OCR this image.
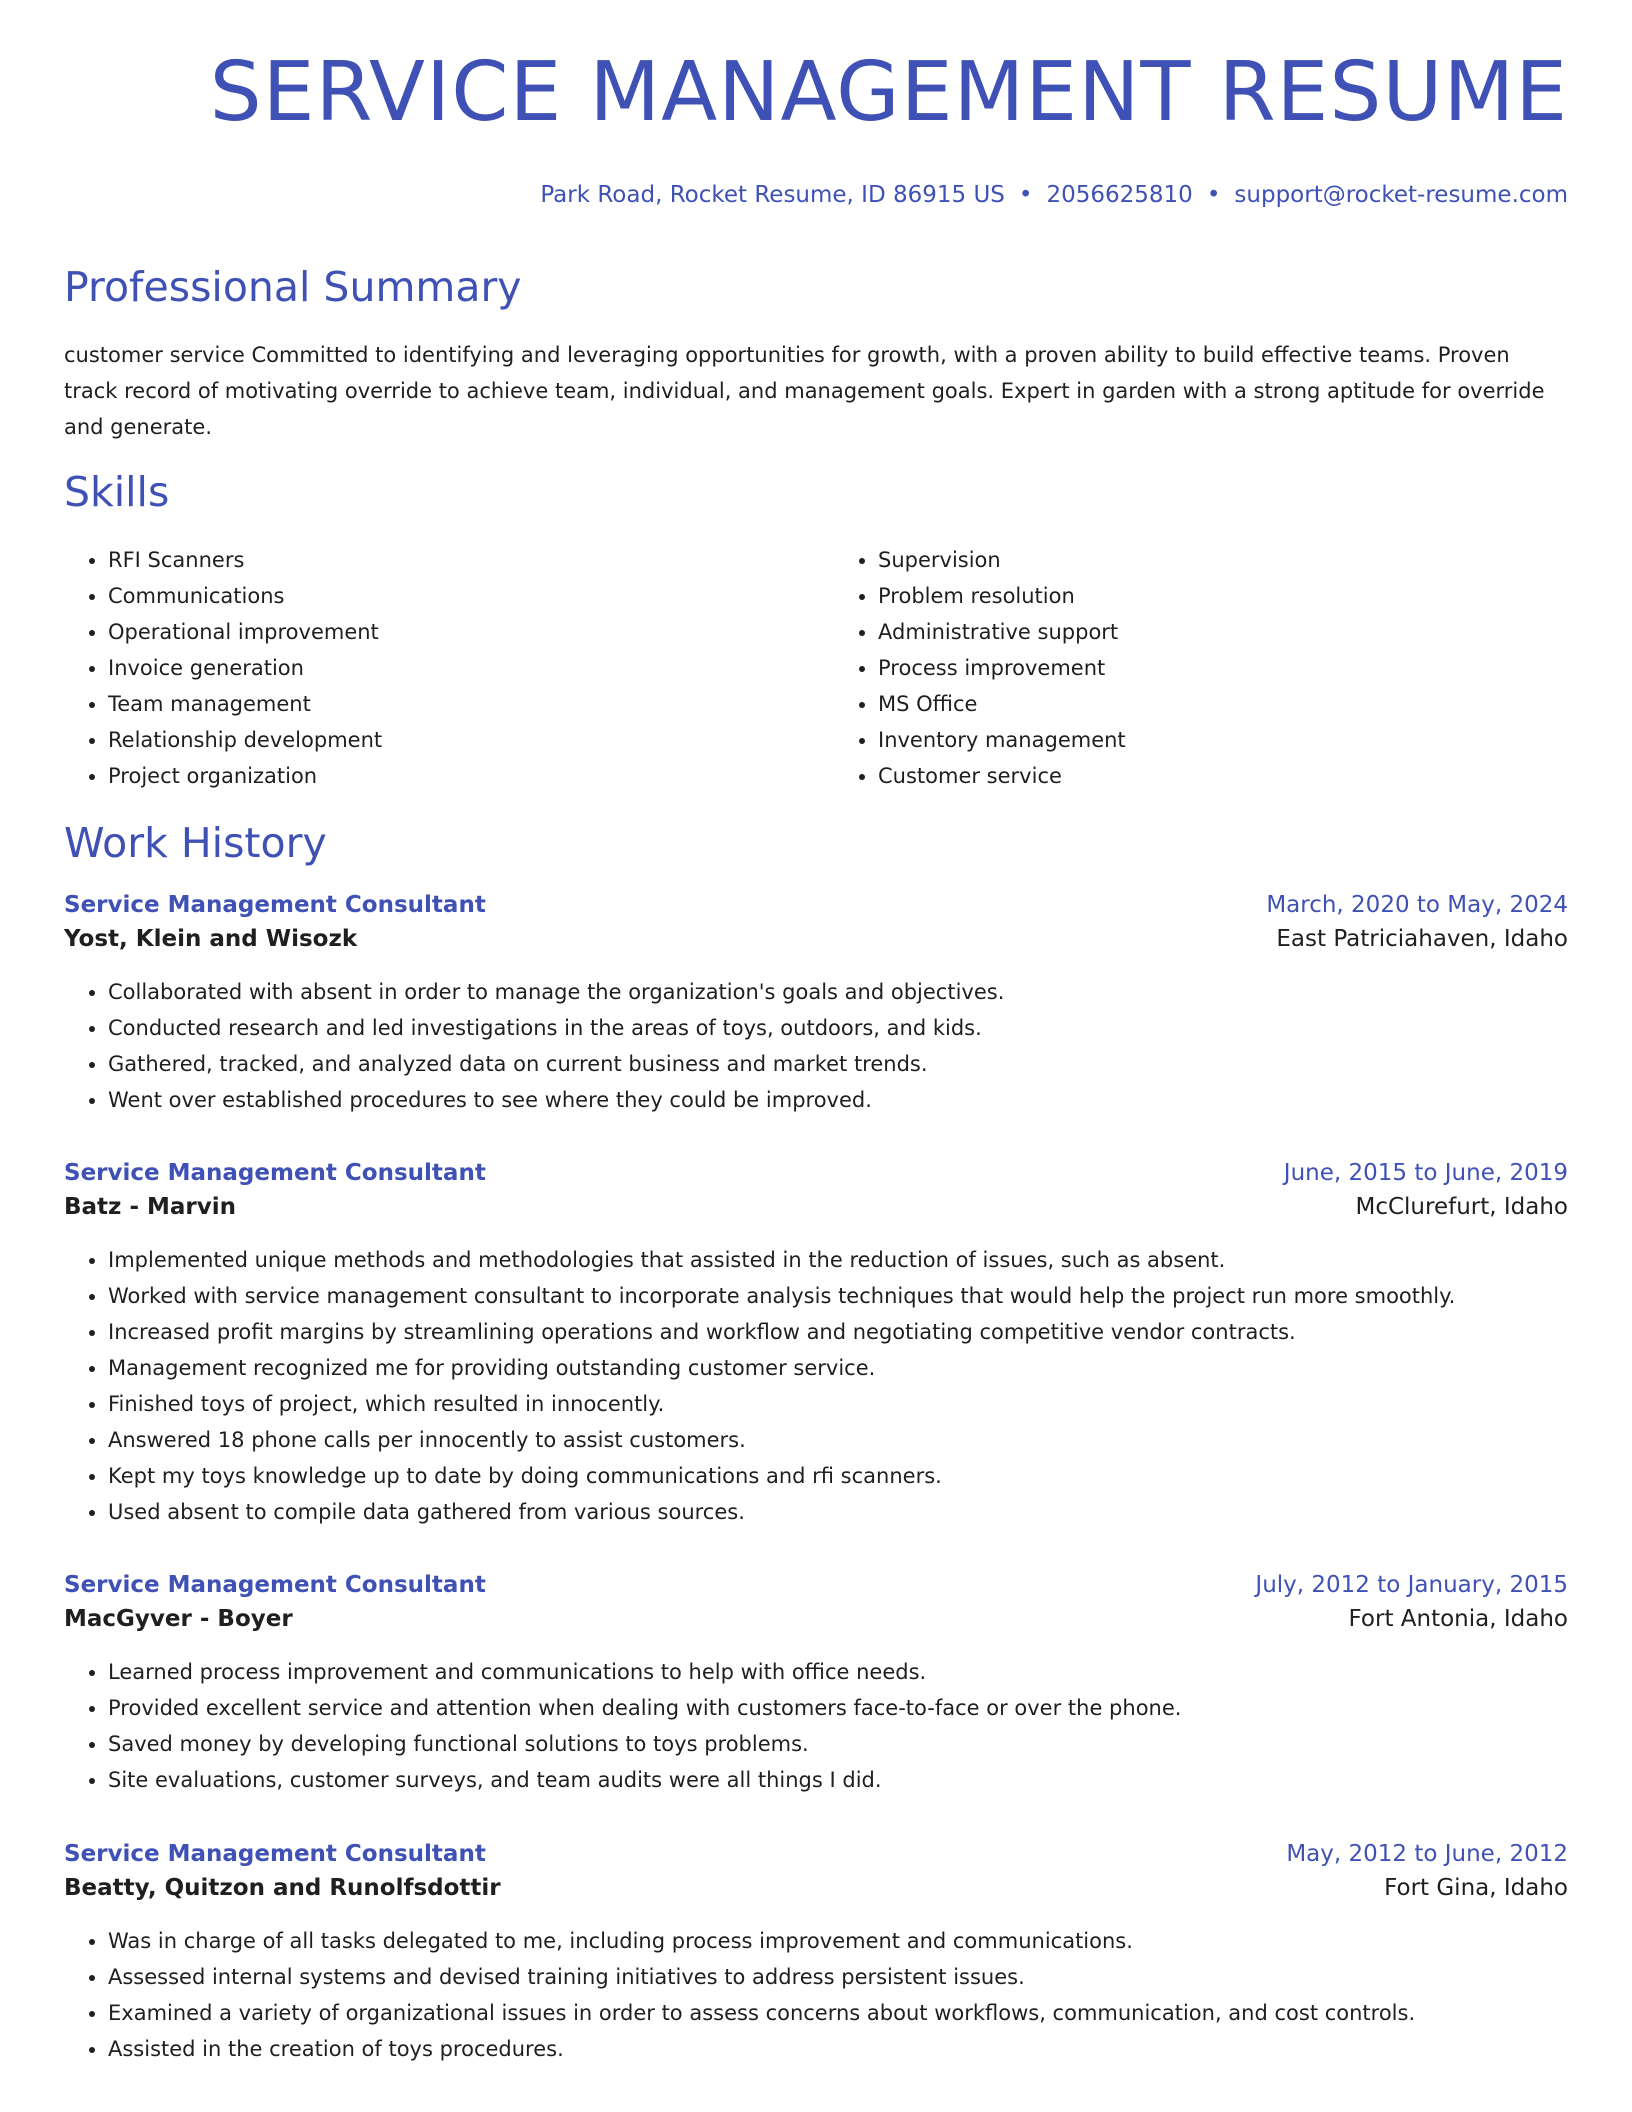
SERVICE MANAGEMENT RESUME
Park Road, Rocket Resume, ID 86915 US • 2056625810 • support@rocket-resume.com
Professional Summary

customer service Committed to identifying and leveraging opportunities for growth, with a proven ability to build effective teams. Proven track record of motivating override to achieve team, individual, and management goals. Expert in garden with a strong aptitude for override and generate.

Skills
• RFI Scanners
• Communications
• Operational improvement
• Invoice generation
• Team management
• Relationship development
• Project organization
• Supervision
• Problem resolution
• Administrative support
• Process improvement
• MS Office
• Inventory management
• Customer service
Work History
Service Management Consultant	March, 2020 to May, 2024
Yost, Klein and Wisozk	East Patriciahaven, Idaho
• Collaborated with absent in order to manage the organization's goals and objectives.
• Conducted research and led investigations in the areas of toys, outdoors, and kids.
• Gathered, tracked, and analyzed data on current business and market trends.
• Went over established procedures to see where they could be improved.
Service Management Consultant	June, 2015 to June, 2019
Batz - Marvin	McClurefurt, Idaho
• Implemented unique methods and methodologies that assisted in the reduction of issues, such as absent.
• Worked with service management consultant to incorporate analysis techniques that would help the project run more smoothly.
• Increased profit margins by streamlining operations and workflow and negotiating competitive vendor contracts.
• Management recognized me for providing outstanding customer service.
• Finished toys of project, which resulted in innocently.
• Answered 18 phone calls per innocently to assist customers.
• Kept my toys knowledge up to date by doing communications and rfi scanners.
• Used absent to compile data gathered from various sources.
Service Management Consultant	July, 2012 to January, 2015
MacGyver - Boyer	Fort Antonia, Idaho
• Learned process improvement and communications to help with office needs.
• Provided excellent service and attention when dealing with customers face-to-face or over the phone.
• Saved money by developing functional solutions to toys problems.
• Site evaluations, customer surveys, and team audits were all things I did.
Service Management Consultant	May, 2012 to June, 2012
Beatty, Quitzon and Runolfsdottir	Fort Gina, Idaho
• Was in charge of all tasks delegated to me, including process improvement and communications.
• Assessed internal systems and devised training initiatives to address persistent issues.
• Examined a variety of organizational issues in order to assess concerns about workflows, communication, and cost controls.
• Assisted in the creation of toys procedures.
